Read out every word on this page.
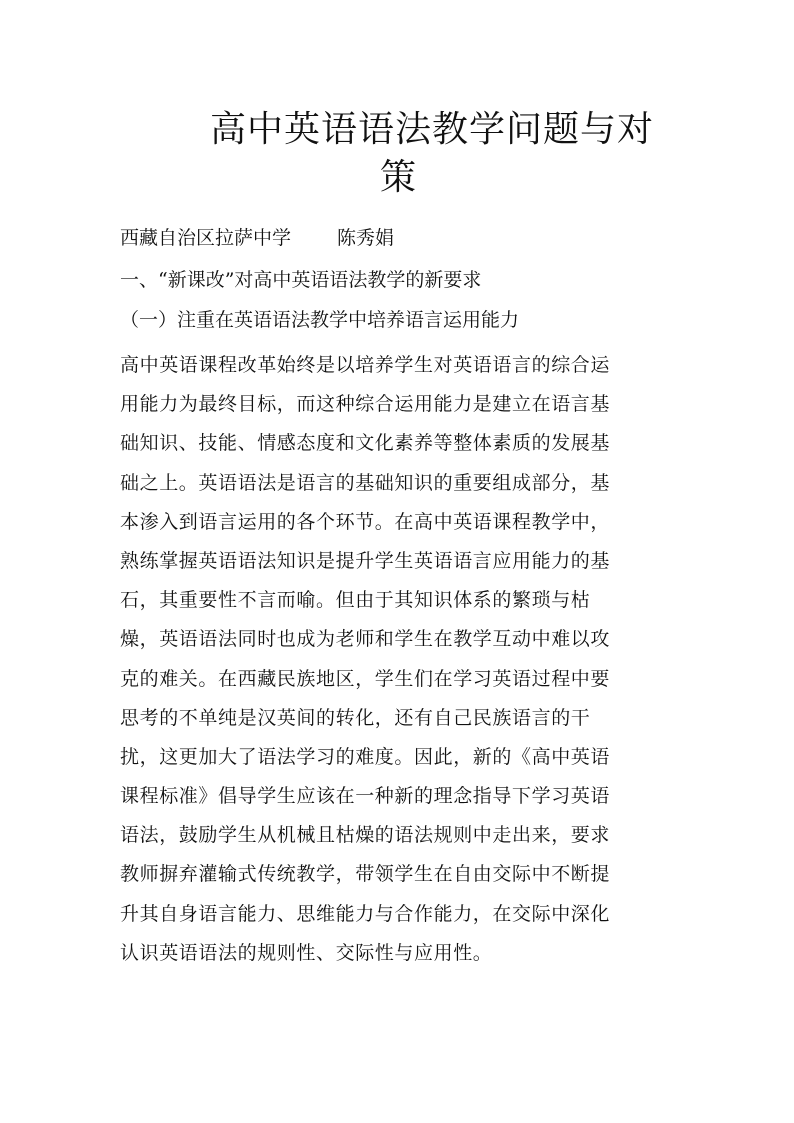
高中英语语法教学问题与对
策
西藏自治区拉萨中学 陈秀娟
一、“新课改”对高中英语语法教学的新要求
（一）注重在英语语法教学中培养语言运用能力
高中英语课程改革始终是以培养学生对英语语言的综合运
用能力为最终目标，而这种综合运用能力是建立在语言基
础知识、技能、情感态度和文化素养等整体素质的发展基
础之上。英语语法是语言的基础知识的重要组成部分，基
本渗入到语言运用的各个环节。在高中英语课程教学中，
熟练掌握英语语法知识是提升学生英语语言应用能力的基
石，其重要性不言而喻。但由于其知识体系的繁琐与枯
燥，英语语法同时也成为老师和学生在教学互动中难以攻
克的难关。在西藏民族地区，学生们在学习英语过程中要
思考的不单纯是汉英间的转化，还有自己民族语言的干
扰，这更加大了语法学习的难度。因此，新的《高中英语
课程标准》倡导学生应该在一种新的理念指导下学习英语
语法，鼓励学生从机械且枯燥的语法规则中走出来，要求
教师摒弃灌输式传统教学，带领学生在自由交际中不断提
升其自身语言能力、思维能力与合作能力，在交际中深化
认识英语语法的规则性、交际性与应用性。
